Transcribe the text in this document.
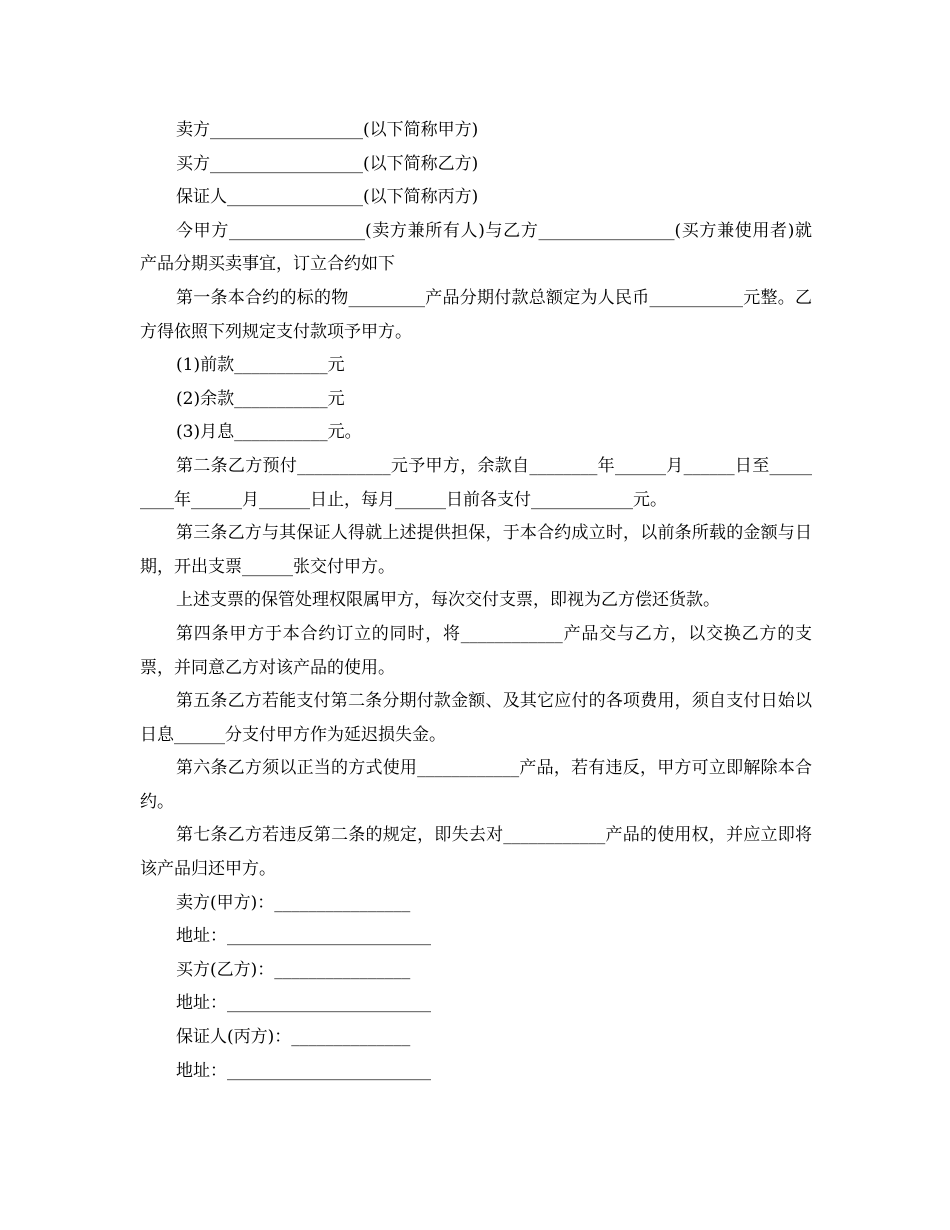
卖方__________________(以下简称甲方)

买方__________________(以下简称乙方)

保证人________________(以下简称丙方)

今甲方________________(卖方兼所有人)与乙方________________(买方兼使用者)就产品分期买卖事宜，订立合约如下

第一条本合约的标的物_________产品分期付款总额定为人民币___________元整。乙方得依照下列规定支付款项予甲方。

(1)前款___________元

(2)余款___________元

(3)月息___________元。

第二条乙方预付___________元予甲方，余款自________年______月______日至_________年______月______日止，每月______日前各支付____________元。

第三条乙方与其保证人得就上述提供担保，于本合约成立时，以前条所载的金额与日期，开出支票______张交付甲方。

上述支票的保管处理权限属甲方，每次交付支票，即视为乙方偿还货款。

第四条甲方于本合约订立的同时，将____________产品交与乙方，以交换乙方的支票，并同意乙方对该产品的使用。

第五条乙方若能支付第二条分期付款金额、及其它应付的各项费用，须自支付日始以日息______分支付甲方作为延迟损失金。

第六条乙方须以正当的方式使用____________产品，若有违反，甲方可立即解除本合约。

第七条乙方若违反第二条的规定，即失去对____________产品的使用权，并应立即将该产品归还甲方。

卖方(甲方)：________________

地址：________________________

买方(乙方)：________________

地址：________________________

保证人(丙方)：______________

地址：________________________
